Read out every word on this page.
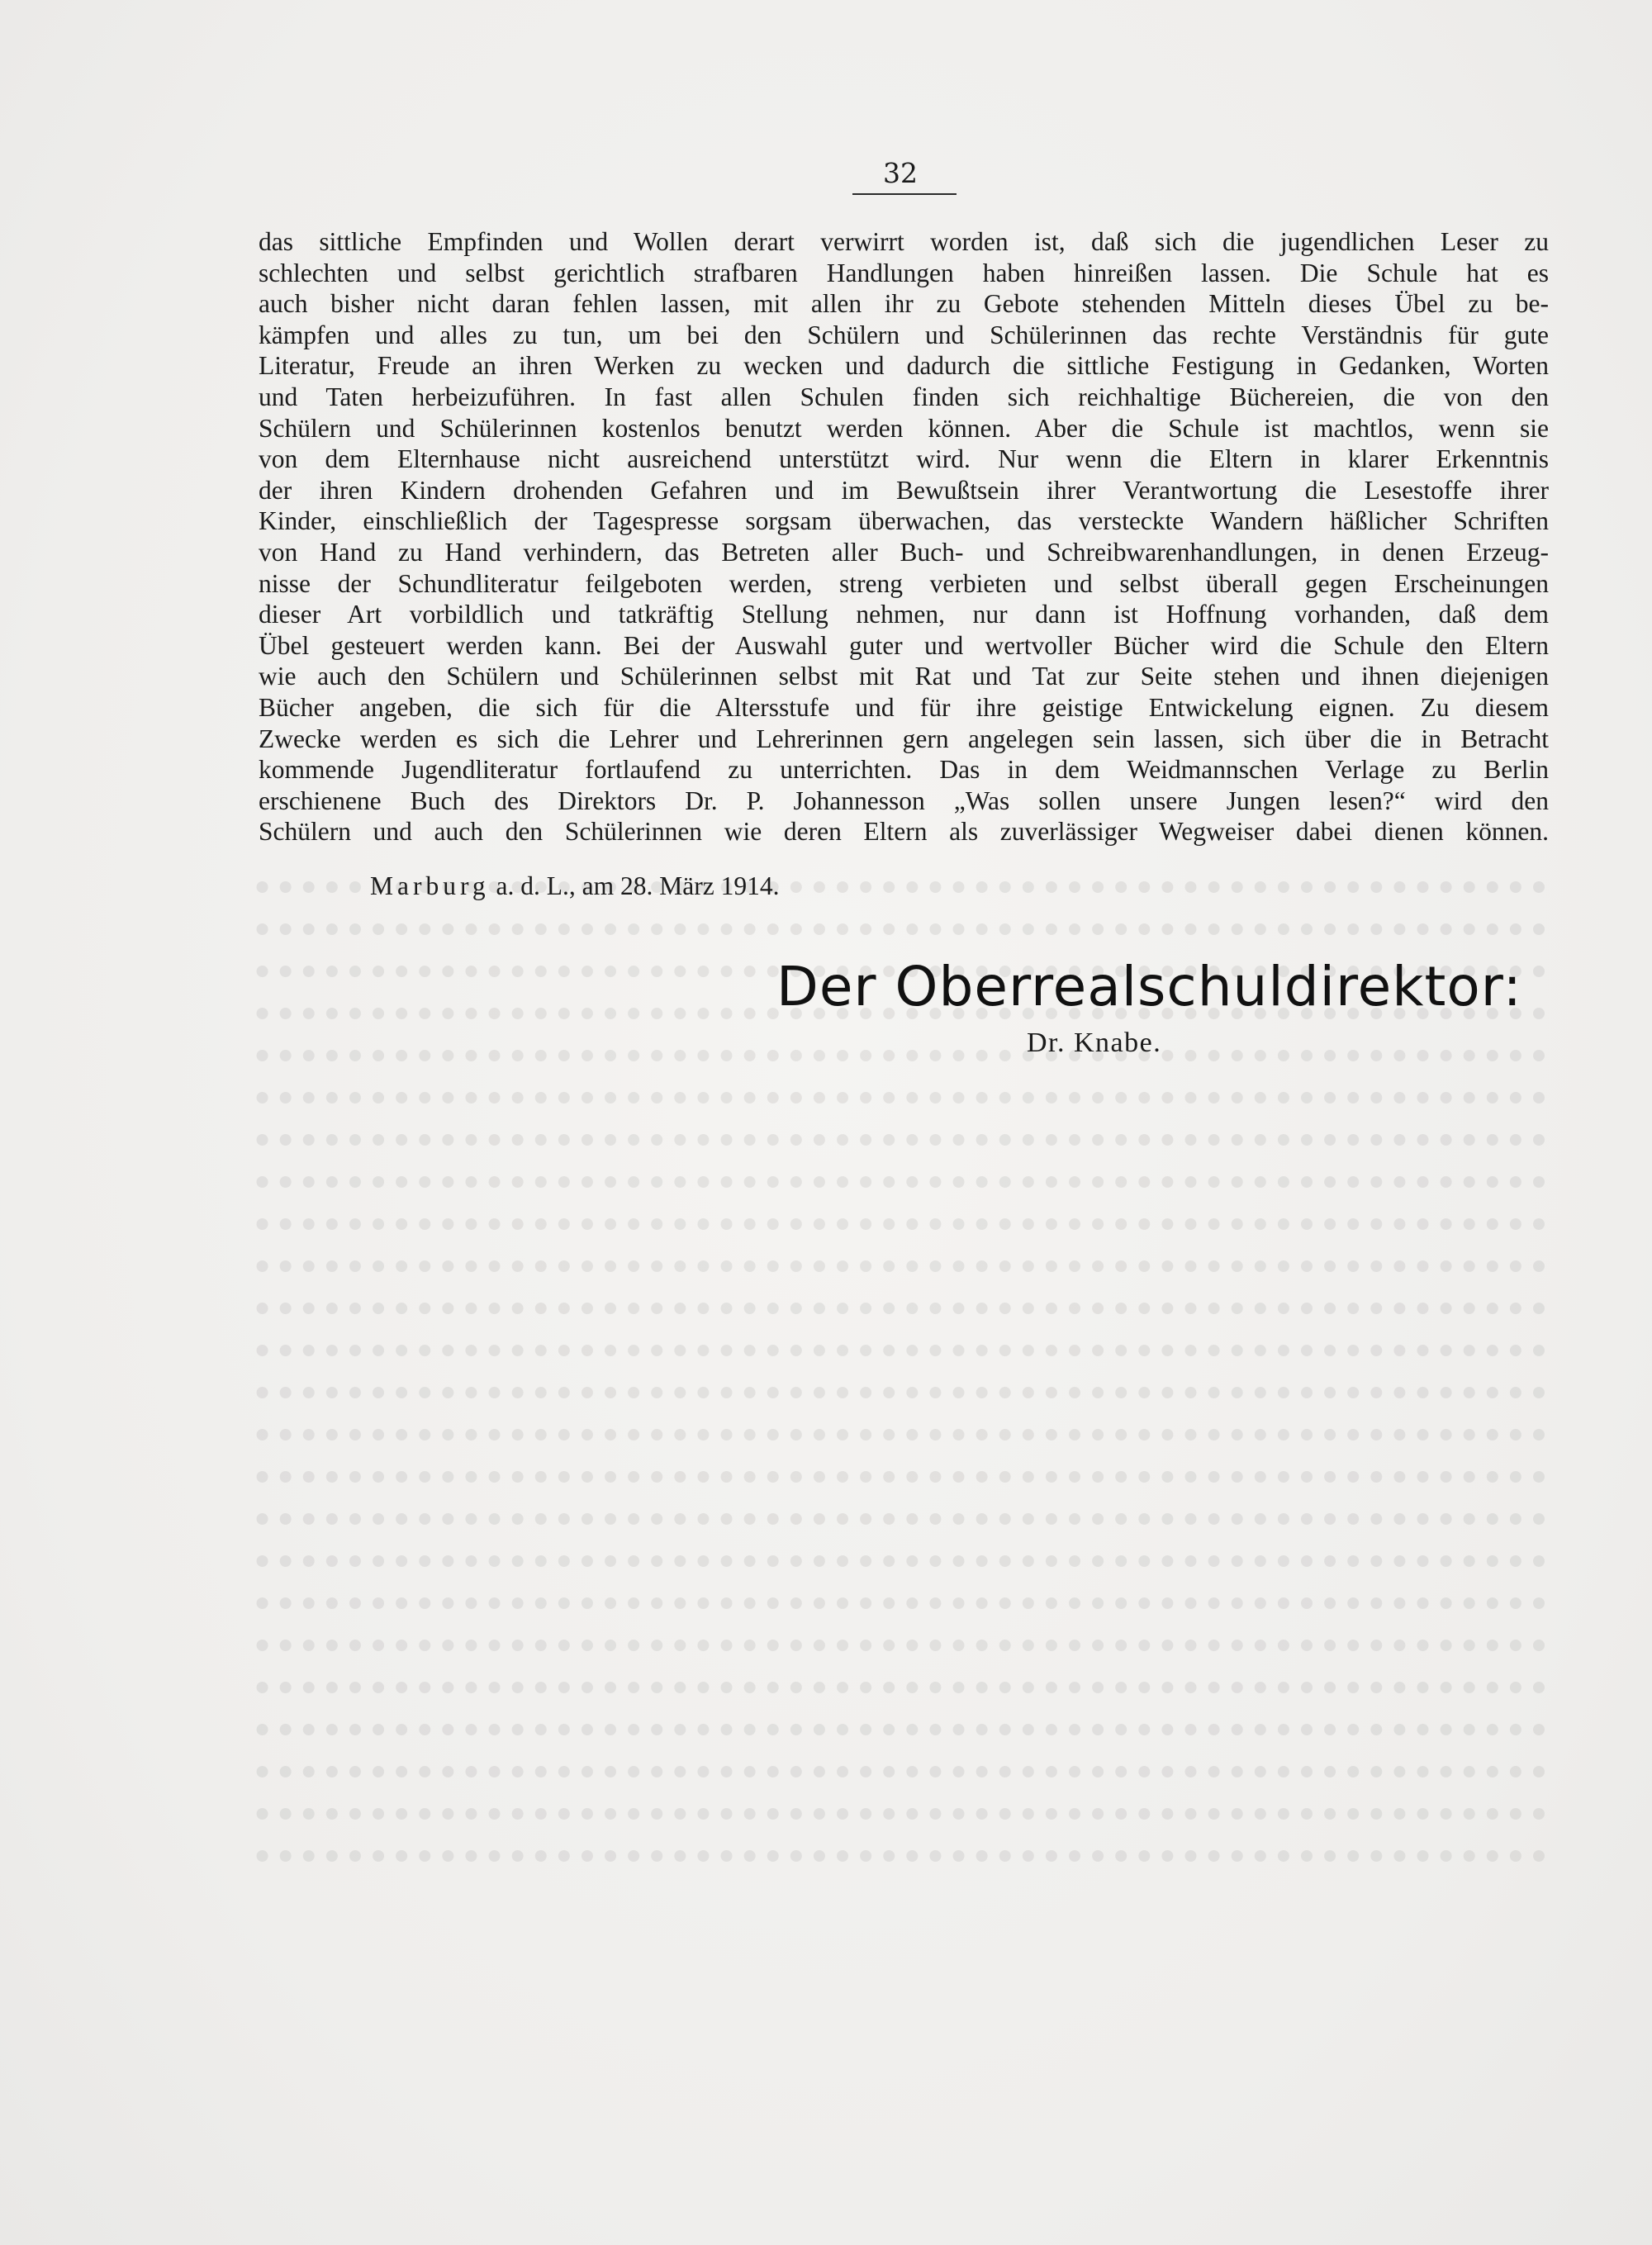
32
das sittliche Empfinden und Wollen derart verwirrt worden ist, daß sich die jugendlichen Leser zu
schlechten und selbst gerichtlich strafbaren Handlungen haben hinreißen lassen. Die Schule hat es
auch bisher nicht daran fehlen lassen, mit allen ihr zu Gebote stehenden Mitteln dieses Übel zu be-
kämpfen und alles zu tun, um bei den Schülern und Schülerinnen das rechte Verständnis für gute
Literatur, Freude an ihren Werken zu wecken und dadurch die sittliche Festigung in Gedanken, Worten
und Taten herbeizuführen. In fast allen Schulen finden sich reichhaltige Büchereien, die von den
Schülern und Schülerinnen kostenlos benutzt werden können. Aber die Schule ist machtlos, wenn sie
von dem Elternhause nicht ausreichend unterstützt wird. Nur wenn die Eltern in klarer Erkenntnis
der ihren Kindern drohenden Gefahren und im Bewußtsein ihrer Verantwortung die Lesestoffe ihrer
Kinder, einschließlich der Tagespresse sorgsam überwachen, das versteckte Wandern häßlicher Schriften
von Hand zu Hand verhindern, das Betreten aller Buch- und Schreibwarenhandlungen, in denen Erzeug-
nisse der Schundliteratur feilgeboten werden, streng verbieten und selbst überall gegen Erscheinungen
dieser Art vorbildlich und tatkräftig Stellung nehmen, nur dann ist Hoffnung vorhanden, daß dem
Übel gesteuert werden kann. Bei der Auswahl guter und wertvoller Bücher wird die Schule den Eltern
wie auch den Schülern und Schülerinnen selbst mit Rat und Tat zur Seite stehen und ihnen diejenigen
Bücher angeben, die sich für die Altersstufe und für ihre geistige Entwickelung eignen. Zu diesem
Zwecke werden es sich die Lehrer und Lehrerinnen gern angelegen sein lassen, sich über die in Betracht
kommende Jugendliteratur fortlaufend zu unterrichten. Das in dem Weidmannschen Verlage zu Berlin
erschienene Buch des Direktors Dr. P. Johannesson „Was sollen unsere Jungen lesen?“ wird den
Schülern und auch den Schülerinnen wie deren Eltern als zuverlässiger Wegweiser dabei dienen können.
Marburg a. d. L., am 28. März 1914.
Der Oberrealschuldirektor:
Dr. Knabe.
